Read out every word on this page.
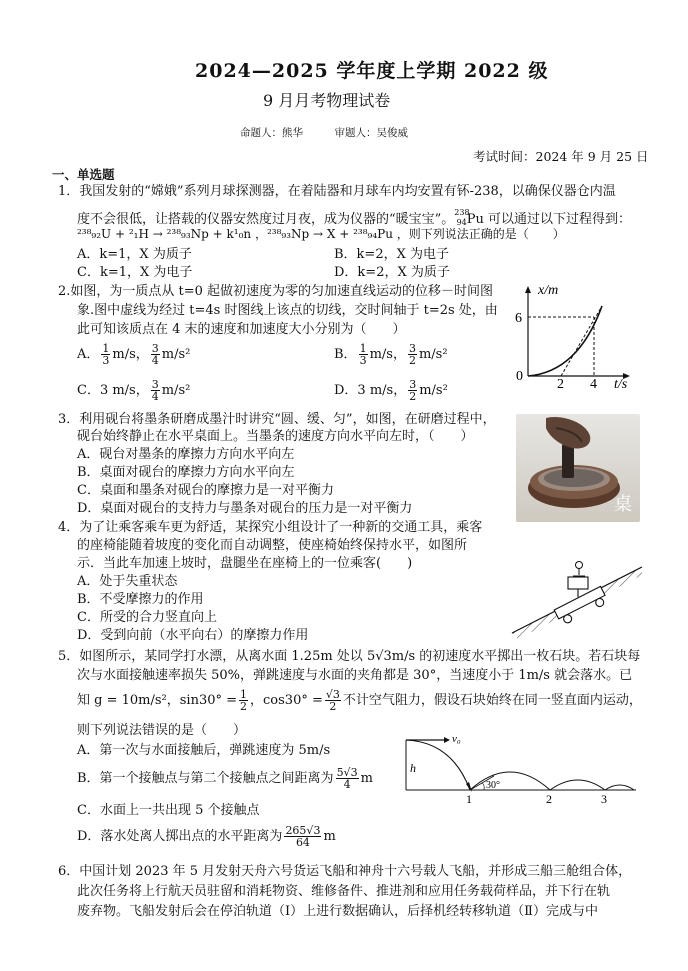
2024—2025 学年度上学期 2022 级
9 月月考物理试卷
命题人：熊华　　　审题人：吴俊威
考试时间：2024 年 9 月 25 日
一、单选题
1．我国发射的“嫦娥”系列月球探测器，在着陆器和月球车内均安置有钚-238，以确保仪器仓内温
度不会很低，让搭载的仪器安然度过月夜，成为仪器的“暖宝宝”。$^{238}_{94}$Pu 可以通过以下过程得到：
²³⁸₉₂U + ²₁H → ²³⁸₉₃Np + k¹₀n ，²³⁸₉₃Np → X + ²³⁸₉₄Pu ，则下列说法正确的是（　　）
A．k=1，X 为质子	B．k=2，X 为电子
C．k=1，X 为电子	D．k=2，X 为质子
2.如图，为一质点从 t=0 起做初速度为零的匀加速直线运动的位移－时间图
象.图中虚线为经过 t=4s 时图线上该点的切线，交时间轴于 t=2s 处，由
此可知该质点在 4 末的速度和加速度大小分别为（　　）
A． $\frac{1}{3} m/s$， $\frac{3}{4} m/s^2$	B． $\frac{1}{3} m/s$， $\frac{3}{2} m/s^2$
C．3 m/s， $\frac{3}{4} m/s^2$	D．3 m/s， $\frac{3}{2} m/s^2$
x/m
6
0
2 4 t/s
3．利用砚台将墨条研磨成墨汁时讲究“圆、缓、匀”，如图，在研磨过程中，
砚台始终静止在水平桌面上。当墨条的速度方向水平向左时，（　　）
A．砚台对墨条的摩擦力方向水平向左
B．桌面对砚台的摩擦力方向水平向左
C．桌面和墨条对砚台的摩擦力是一对平衡力
D．桌面对砚台的支持力与墨条对砚台的压力是一对平衡力	桌
4．为了让乘客乘车更为舒适，某探究小组设计了一种新的交通工具，乘客
的座椅能随着坡度的变化而自动调整，使座椅始终保持水平，如图所
示．当此车加速上坡时，盘腿坐在座椅上的一位乘客(　　)
A．处于失重状态
B．不受摩擦力的作用
C．所受的合力竖直向上
D．受到向前（水平向右）的摩擦力作用
5．如图所示，某同学打水漂，从离水面 1.25m 处以 5√3m/s 的初速度水平掷出一枚石块。若石块每
次与水面接触速率损失 50%，弹跳速度与水面的夹角都是 30°，当速度小于 1m/s 就会落水。已
知 g = 10m/s²，$\sin 30^\circ = \frac{1}{2}$ ，$\cos 30^\circ = \frac{√3}{2}$ 不计空气阻力，假设石块始终在同一竖直面内运动，
则下列说法错误的是（　　）
A．第一次与水面接触后，弹跳速度为 5m/s
B．第一个接触点与第二个接触点之间距离为 $\frac{5√3}{4}$ m
C．水面上一共出现 5 个接触点
D．落水处离人掷出点的水平距离为 $\frac{265√3}{64}$ m
v₀
h
30°
1	2	3
6．中国计划 2023 年 5 月发射天舟六号货运飞船和神舟十六号载人飞船，并形成三船三舱组合体，
此次任务将上行航天员驻留和消耗物资、维修备件、推进剂和应用任务载荷样品，并下行在轨
废弃物。飞船发射后会在停泊轨道（Ⅰ）上进行数据确认，后择机经转移轨道（Ⅱ）完成与中
